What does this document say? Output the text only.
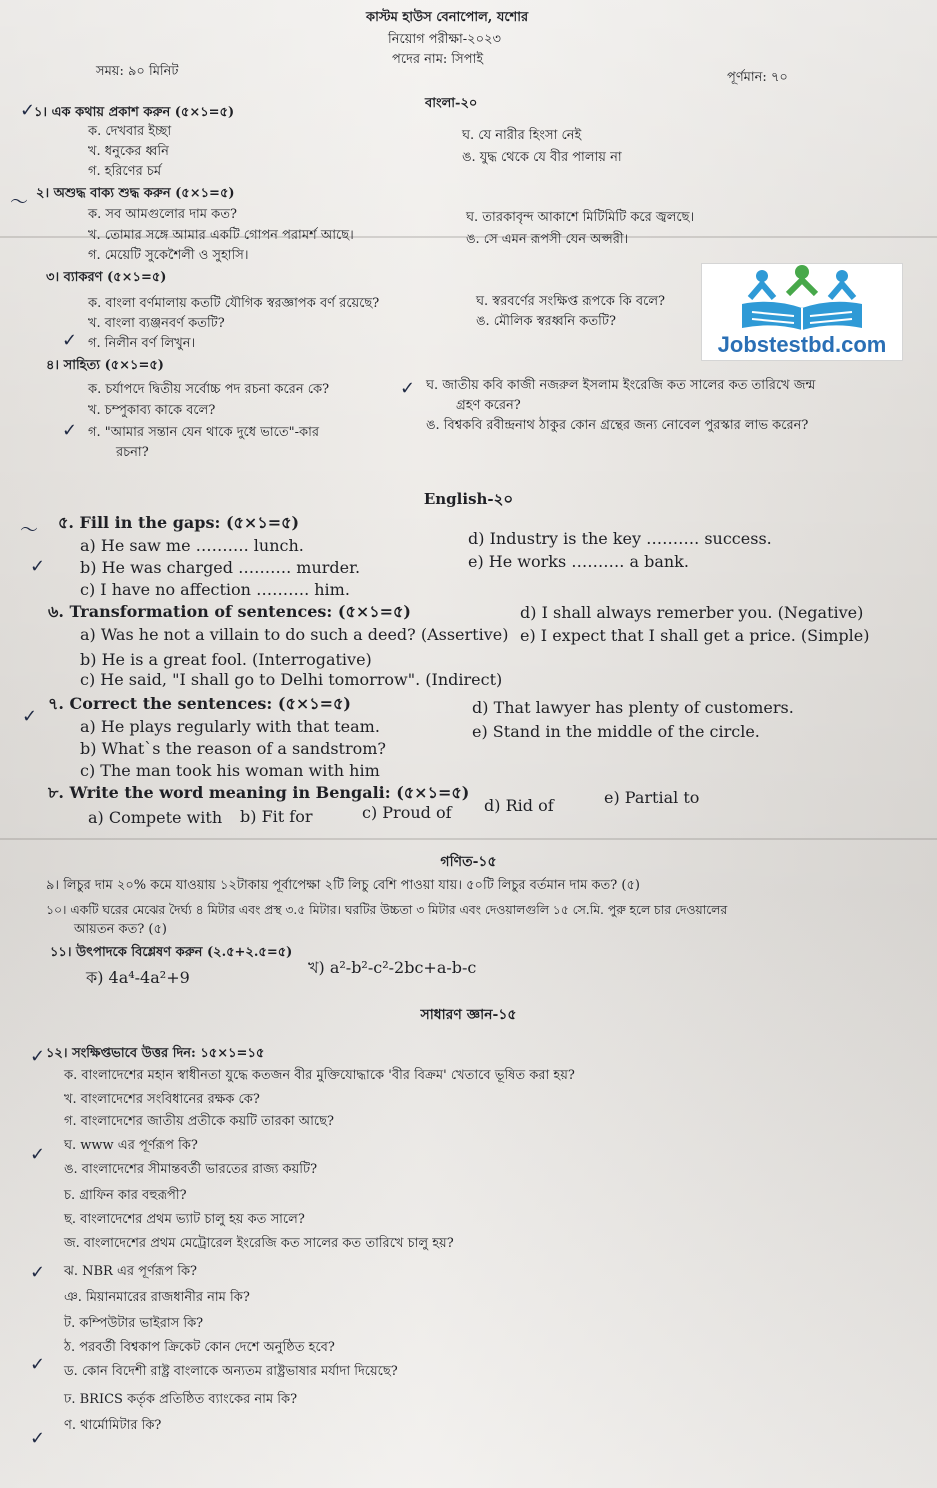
কাস্টম হাউস বেনাপোল, যশোর
নিয়োগ পরীক্ষা-২০২৩
পদের নাম: সিপাই
সময়: ৯০ মিনিট	পূর্ণমান: ৭০
বাংলা-২০
১। এক কথায় প্রকাশ করুন (৫×১=৫)
ক. দেখবার ইচ্ছা
খ. ধনুকের ধ্বনি
গ. হরিণের চর্ম
ঘ. যে নারীর হিংসা নেই
ঙ. যুদ্ধ থেকে যে বীর পালায় না
২। অশুদ্ধ বাক্য শুদ্ধ করুন (৫×১=৫)
ক. সব আমগুলোর দাম কত?
খ. তোমার সঙ্গে আমার একটি গোপন পরামর্শ আছে।
গ. মেয়েটি সুকেশৈলী ও সুহাসি।
ঘ. তারকাবৃন্দ আকাশে মিটিমিটি করে জ্বলছে।
ঙ. সে এমন রূপসী যেন অপ্সরী।
৩। ব্যাকরণ (৫×১=৫)
ক. বাংলা বর্ণমালায় কতটি যৌগিক স্বরজ্ঞাপক বর্ণ রয়েছে?
খ. বাংলা ব্যঞ্জনবর্ণ কতটি?
গ. নিলীন বর্ণ লিখুন।
ঘ. স্বরবর্ণের সংক্ষিপ্ত রূপকে কি বলে?
ঙ. মৌলিক স্বরধ্বনি কতটি?
৪। সাহিত্য (৫×১=৫)
ক. চর্যাপদে দ্বিতীয় সর্বোচ্চ পদ রচনা করেন কে?
খ. চম্পুকাব্য কাকে বলে?
গ. "আমার সন্তান যেন থাকে দুধে ভাতে"-কার
রচনা?
ঘ. জাতীয় কবি কাজী নজরুল ইসলাম ইংরেজি কত সালের কত তারিখে জন্ম
গ্রহণ করেন?
ঙ. বিশ্বকবি রবীন্দ্রনাথ ঠাকুর কোন গ্রন্থের জন্য নোবেল পুরস্কার লাভ করেন?
Jobstestbd.com
English-২০
৫. Fill in the gaps: (৫×১=৫)
a) He saw me ………. lunch.
b) He was charged ………. murder.
c) I have no affection ………. him.
d) Industry is the key ………. success.
e) He works ………. a bank.
৬. Transformation of sentences: (৫×১=৫)
a) Was he not a villain to do such a deed? (Assertive)
b) He is a great fool. (Interrogative)
c) He said, "I shall go to Delhi tomorrow". (Indirect)
d) I shall always remerber you. (Negative)
e) I expect that I shall get a price. (Simple)
৭. Correct the sentences: (৫×১=৫)
a) He plays regularly with that team.
b) What`s the reason of a sandstrom?
c) The man took his woman with him
d) That lawyer has plenty of customers.
e) Stand in the middle of the circle.
৮. Write the word meaning in Bengali: (৫×১=৫)
a) Compete with b) Fit for	c) Proud of d) Rid of	e) Partial to
গণিত-১৫
৯। লিচুর দাম ২০% কমে যাওয়ায় ১২টাকায় পূর্বাপেক্ষা ২টি লিচু বেশি পাওয়া যায়। ৫০টি লিচুর বর্তমান দাম কত? (৫)
১০। একটি ঘরের মেঝের দৈর্ঘ্য ৪ মিটার এবং প্রস্থ ৩.৫ মিটার। ঘরটির উচ্চতা ৩ মিটার এবং দেওয়ালগুলি ১৫ সে.মি. পুরু হলে চার দেওয়ালের
আয়তন কত? (৫)
১১। উৎপাদকে বিশ্লেষণ করুন (২.৫+২.৫=৫)
ক) 4a⁴-4a²+9
খ) a²-b²-c²-2bc+a-b-c
সাধারণ জ্ঞান-১৫
১২। সংক্ষিপ্তভাবে উত্তর দিন: ১৫×১=১৫
ক. বাংলাদেশের মহান স্বাধীনতা যুদ্ধে কতজন বীর মুক্তিযোদ্ধাকে 'বীর বিক্রম' খেতাবে ভূষিত করা হয়?
খ. বাংলাদেশের সংবিধানের রক্ষক কে?
গ. বাংলাদেশের জাতীয় প্রতীকে কয়টি তারকা আছে?
ঘ. www এর পূর্ণরূপ কি?
ঙ. বাংলাদেশের সীমান্তবর্তী ভারতের রাজ্য কয়টি?
চ. গ্রাফিন কার বহুরূপী?
ছ. বাংলাদেশের প্রথম ভ্যাট চালু হয় কত সালে?
জ. বাংলাদেশের প্রথম মেট্রোরেল ইংরেজি কত সালের কত তারিখে চালু হয়?
ঝ. NBR এর পূর্ণরূপ কি?
ঞ. মিয়ানমারের রাজধানীর নাম কি?
ট. কম্পিউটার ভাইরাস কি?
ঠ. পরবর্তী বিশ্বকাপ ক্রিকেট কোন দেশে অনুষ্ঠিত হবে?
ড. কোন বিদেশী রাষ্ট্র বাংলাকে অন্যতম রাষ্ট্রভাষার মর্যাদা দিয়েছে?
ঢ. BRICS কর্তৃক প্রতিষ্ঠিত ব্যাংকের নাম কি?
ণ. থার্মোমিটার কি?
✓
〜
✓
✓
✓
〜
✓
✓
✓
✓
✓
✓
✓
